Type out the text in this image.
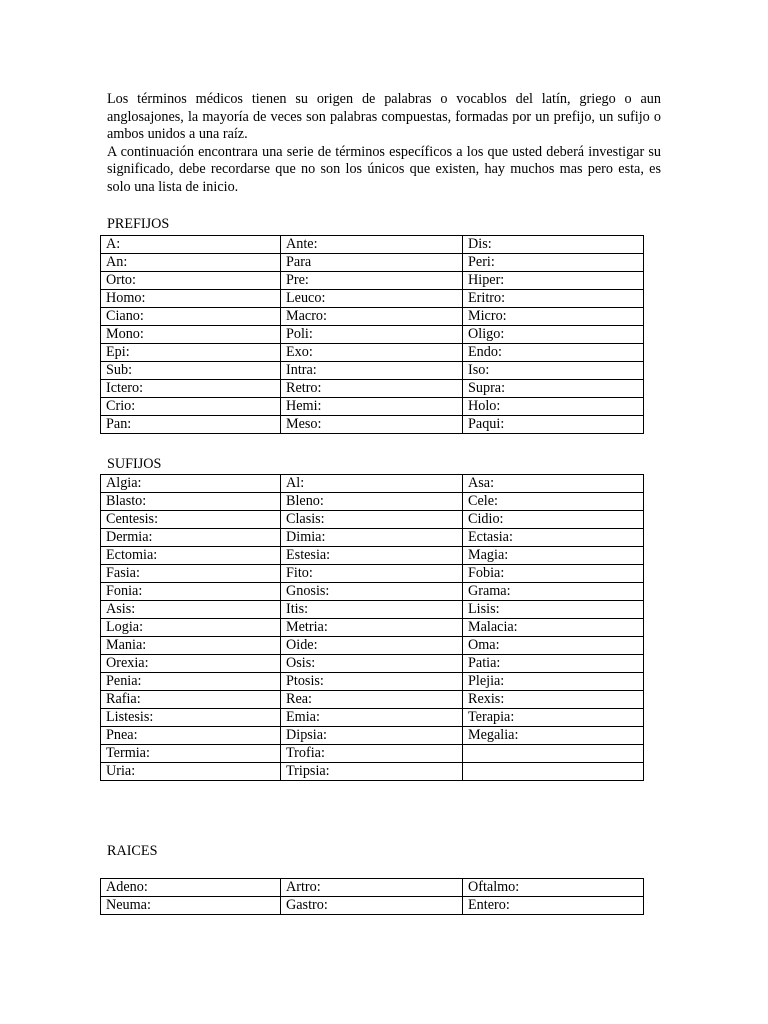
Los términos médicos tienen su origen de palabras o vocablos del latín, griego o aun anglosajones, la mayoría de veces son palabras compuestas, formadas por un prefijo, un sufijo o ambos unidos a una raíz.

A continuación encontrara una serie de términos específicos a los que usted deberá investigar su significado, debe recordarse que no son los únicos que existen, hay muchos mas pero esta, es solo una lista de inicio.

PREFIJOS
A:	Ante:	Dis:
An:	Para	Peri:
Orto:	Pre:	Hiper:
Homo:	Leuco:	Eritro:
Ciano:	Macro:	Micro:
Mono:	Poli:	Oligo:
Epi:	Exo:	Endo:
Sub:	Intra:	Iso:
Ictero:	Retro:	Supra:
Crio:	Hemi:	Holo:
Pan:	Meso:	Paqui:
SUFIJOS
Algia:	Al:	Asa:
Blasto:	Bleno:	Cele:
Centesis:	Clasis:	Cidio:
Dermia:	Dimia:	Ectasia:
Ectomia:	Estesia:	Magia:
Fasia:	Fito:	Fobia:
Fonia:	Gnosis:	Grama:
Asis:	Itis:	Lisis:
Logia:	Metria:	Malacia:
Mania:	Oide:	Oma:
Orexia:	Osis:	Patia:
Penia:	Ptosis:	Plejia:
Rafia:	Rea:	Rexis:
Listesis:	Emia:	Terapia:
Pnea:	Dipsia:	Megalia:
Termia:	Trofia:	
Uria:	Tripsia:	
RAICES
Adeno:	Artro:	Oftalmo:
Neuma:	Gastro:	Entero:
